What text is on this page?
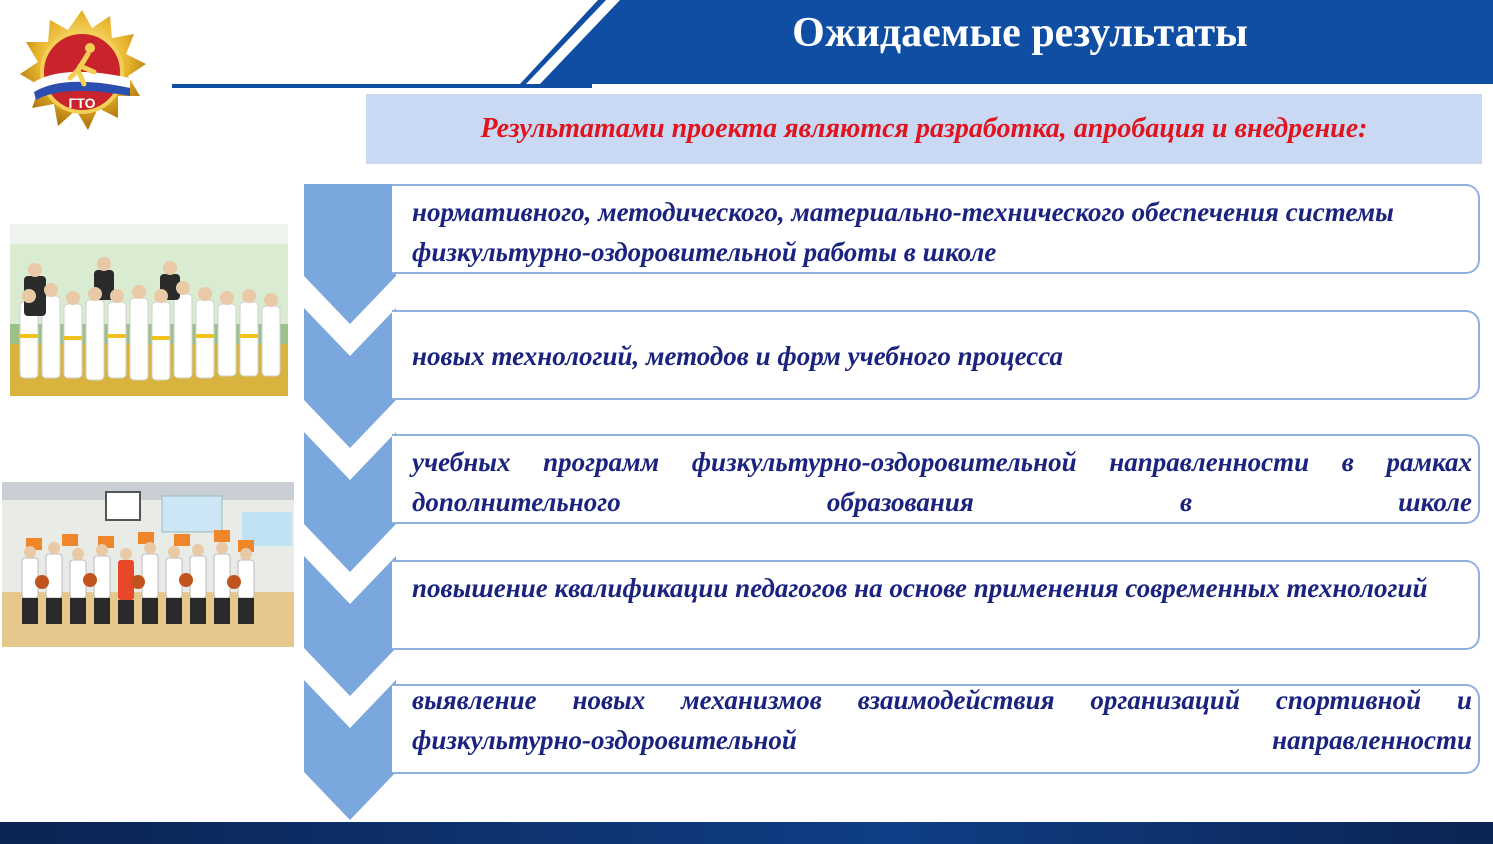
Ожидаемые результаты
ГТО
Результатами проекта являются разработка, апробация и внедрение:
нормативного, методического, материально-технического обеспечения системы физкультурно-оздоровительной работы в школе
новых технологий, методов и форм учебного процесса
учебных программ физкультурно-оздоровительной направленности в рамках дополнительного образования в школе
повышение квалификации педагогов на основе применения современных технологий
выявление новых механизмов взаимодействия организаций спортивной и физкультурно-оздоровительной направленности
